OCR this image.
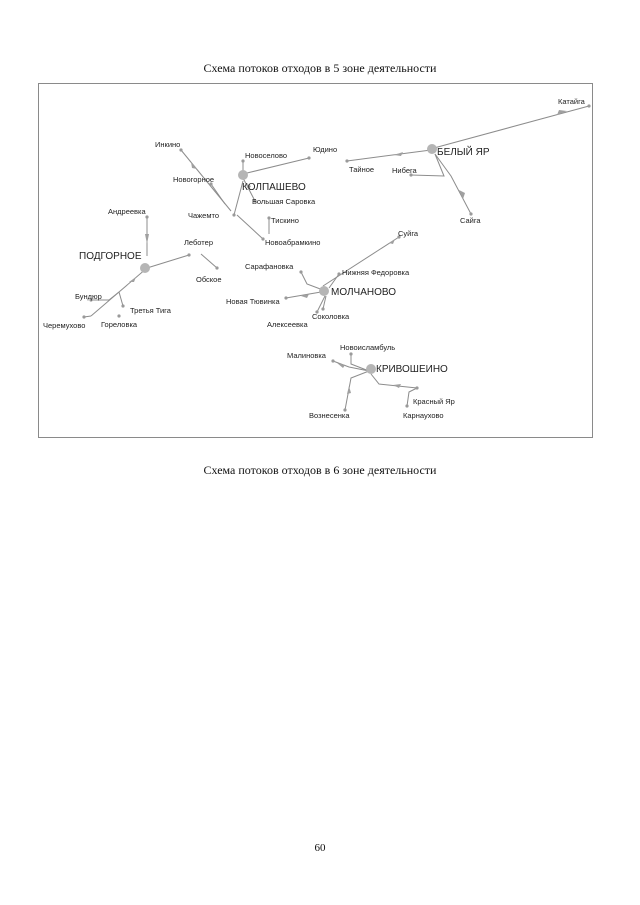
Схема потоков отходов в 5 зоне деятельности
КОЛПАШЕВО
БЕЛЫЙ ЯР
ПОДГОРНОЕ
МОЛЧАНОВО
КРИВОШЕИНО
Катайга
Инкино
Новоселово
Юдино
Тайное Нибега
Сайга
Новогорное
Большая Саровка
Чажемто
Тискино
Новоабрамкино
Андреевка
Леботер
Обское
Суйга
Сарафановка
Нижняя Федоровка
Новая Тювинка
Алексеевка
Соколовка
Бундюр
Третья Тига
Черемухово Гореловка
Новоисламбуль
Малиновка
Красный Яр
Вознесенка	Карнаухово
Схема потоков отходов в 6 зоне деятельности
60
